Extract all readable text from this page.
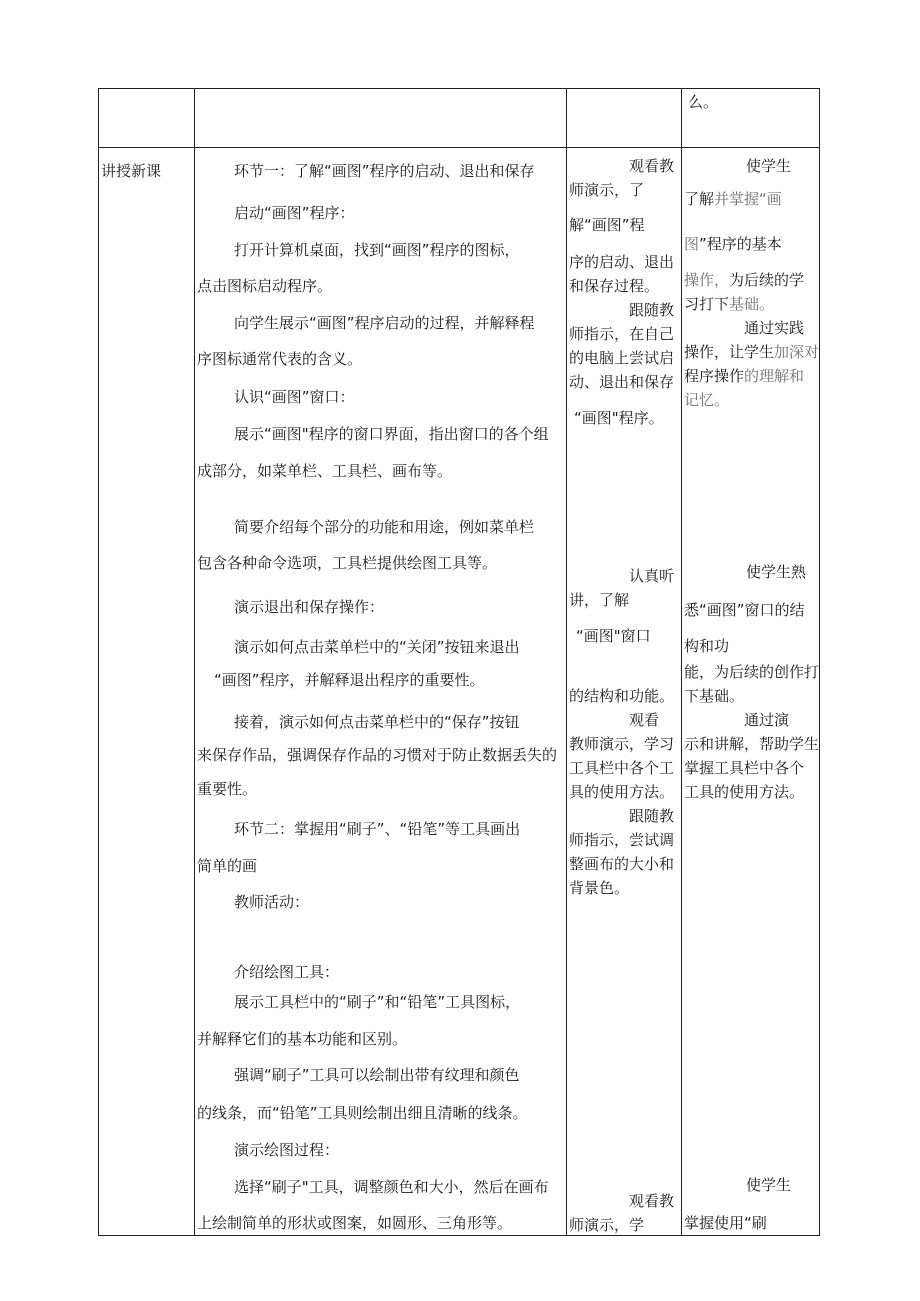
么。
讲授新课	环节一：了解“画图”程序的启动、退出和保存
启动“画图”程序：
打开计算机桌面，找到“画图”程序的图标，
点击图标启动程序。
向学生展示“画图”程序启动的过程，并解释程
序图标通常代表的含义。
认识“画图”窗口：
展示“画图"程序的窗口界面，指出窗口的各个组
成部分，如菜单栏、工具栏、画布等。
简要介绍每个部分的功能和用途，例如菜单栏
包含各种命令选项，工具栏提供绘图工具等。
演示退出和保存操作：
演示如何点击菜单栏中的“关闭”按钮来退出
“画图”程序，并解释退出程序的重要性。
接着，演示如何点击菜单栏中的“保存”按钮
来保存作品，强调保存作品的习惯对于防止数据丢失的
重要性。
环节二：掌握用“刷子”、“铅笔”等工具画出
简单的画
教师活动：
介绍绘图工具：
展示工具栏中的“刷子”和“铅笔”工具图标，
并解释它们的基本功能和区别。
强调“刷子”工具可以绘制出带有纹理和颜色
的线条，而“铅笔”工具则绘制出细且清晰的线条。
演示绘图过程：
选择“刷子"工具，调整颜色和大小，然后在画布
上绘制简单的形状或图案，如圆形、三角形等。
观看教
师演示，了
解“画图”程
序的启动、退出
和保存过程。
跟随教
师指示，在自己
的电脑上尝试启
动、退出和保存
“画图"程序。
认真听
讲，了解
“画图"窗口
的结构和功能。
观看
教师演示，学习
工具栏中各个工
具的使用方法。
跟随教
师指示，尝试调
整画布的大小和
背景色。
观看教
师演示，学
使学生
了解并掌握“画
图”程序的基本
操作，为后续的学
习打下基础。
通过实践
操作，让学生加深对
程序操作的理解和
记忆。
使学生熟
悉“画图”窗口的结
构和功
能，为后续的创作打
下基础。
通过演
示和讲解，帮助学生
掌握工具栏中各个
工具的使用方法。
使学生
掌握使用“刷
